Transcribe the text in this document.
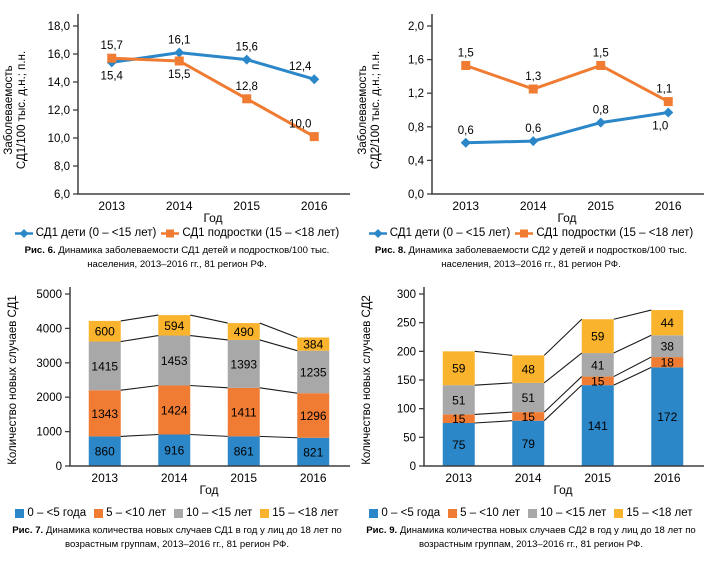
Заболеваемость СД1/100 тыс. д.н.; п.н.
6,0
8,0
10,0
12,0
14,0
16,0
18,0
2013	2014	2015	2016
Год
15,4
16,1
15,6
12,4
15,7
15,5
12,8
10,0
СД1 дети (0 – <15 лет) СД1 подростки (15 – <18 лет)
Рис. 6. Динамика заболеваемости СД1 детей и подростков/100 тыс. населения, 2013–2016 гг., 81 регион РФ.
Заболеваемость СД2/100 тыс. д.н.; п.н.
0,0
0,4
0,8
1,2
1,6
2,0
2013	2014	2015	2016
Год
0,6	0,6
0,8
1,0
1,5
1,3
1,5
1,1
СД1 дети (0 – <15 лет) СД1 подростки (15 – <18 лет)
Рис. 8. Динамика заболеваемости СД2 у детей и подростков/100 тыс. населения, 2013–2016 гг., 81 регион РФ.
Количество новых случаев СД1
0
1000
2000
3000
4000
5000
2013	2014	2015	2016
Год
860
1343
1415
600
916
1424
1453
594
861
1411
1393
490
821
1296
1235
384
0 – <5 года 5 – <10 лет 10 – <15 лет 15 – <18 лет
Рис. 7. Динамика количества новых случаев СД1 в год у лиц до 18 лет по возрастным группам, 2013–2016 гг., 81 регион РФ.
Количество новых случаев СД2
0
50
100
150
200
250
300
2013	2014	2015	2016
Год
75
15
51
59
79
15
51
48
141
15
41
59
172
18
38
44
0 – <5 года 5 – <10 лет 10 – <15 лет 15 – <18 лет
Рис. 9. Динамика количества новых случаев СД2 в год у лиц до 18 лет по возрастным группам, 2013–2016 гг., 81 регион РФ.
